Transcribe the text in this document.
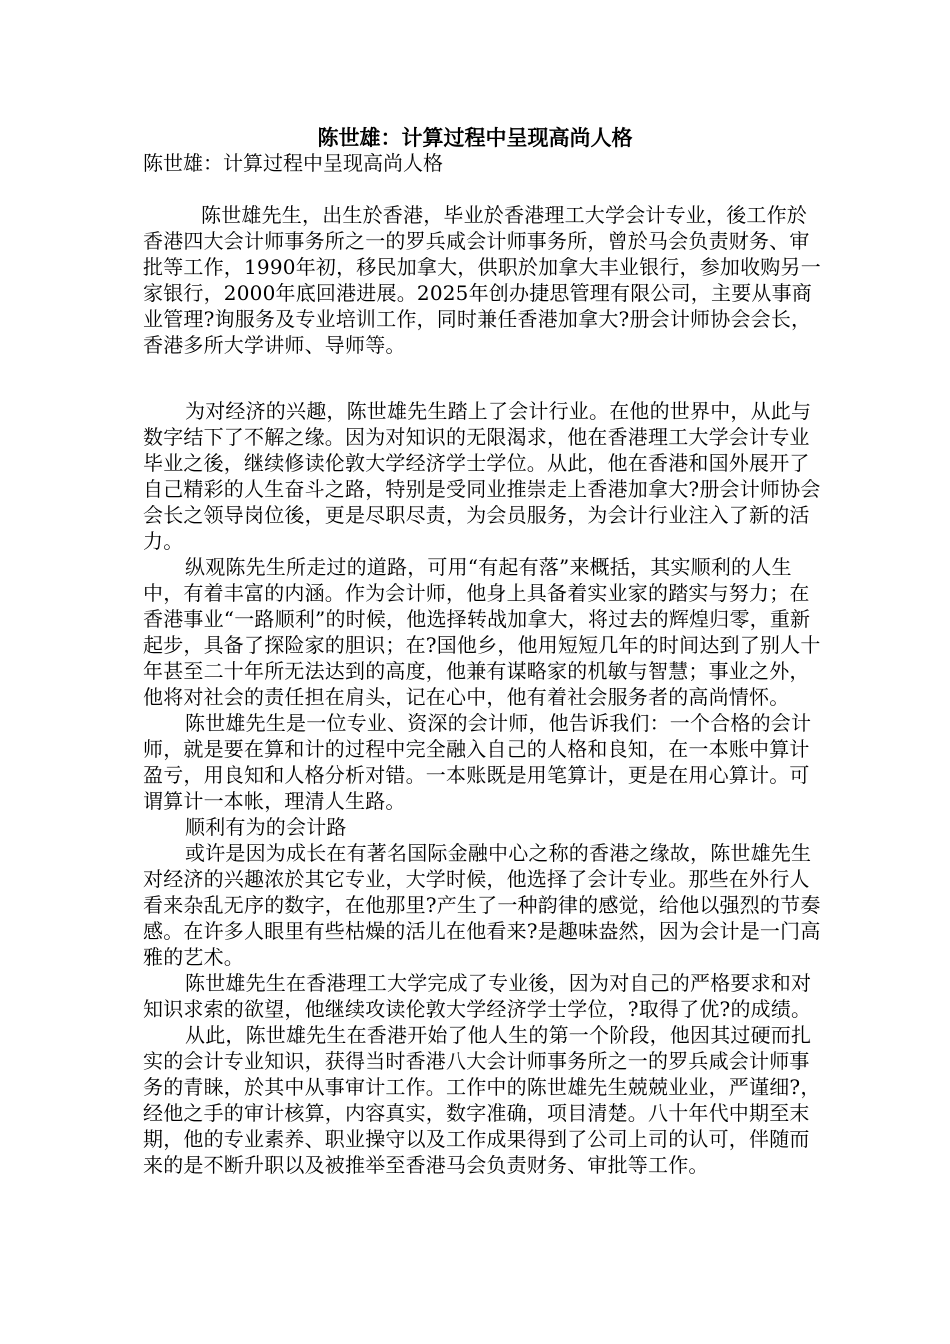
陈世雄：计算过程中呈现高尚人格
陈世雄：计算过程中呈现高尚人格

陈世雄先生，出生於香港，毕业於香港理工大学会计专业，後工作於香港四大会计师事务所之一的罗兵咸会计师事务所，曾於马会负责财务、审批等工作，1990年初，移民加拿大，供职於加拿大丰业银行，参加收购另一家银行，2000年底回港进展。2025年创办捷思管理有限公司，主要从事商业管理?询服务及专业培训工作，同时兼任香港加拿大?册会计师协会会长，香港多所大学讲师、导师等。

为对经济的兴趣，陈世雄先生踏上了会计行业。在他的世界中，从此与数字结下了不解之缘。因为对知识的无限渴求，他在香港理工大学会计专业毕业之後，继续修读伦敦大学经济学士学位。从此，他在香港和国外展开了自己精彩的人生奋斗之路，特别是受同业推崇走上香港加拿大?册会计师协会会长之领导岗位後，更是尽职尽责，为会员服务，为会计行业注入了新的活力。

纵观陈先生所走过的道路，可用“有起有落”来概括，其实顺利的人生中，有着丰富的内涵。作为会计师，他身上具备着实业家的踏实与努力；在香港事业“一路顺利”的时候，他选择转战加拿大，将过去的辉煌归零，重新起步，具备了探险家的胆识；在?国他乡，他用短短几年的时间达到了别人十年甚至二十年所无法达到的高度，他兼有谋略家的机敏与智慧；事业之外，他将对社会的责任担在肩头，记在心中，他有着社会服务者的高尚情怀。

陈世雄先生是一位专业、资深的会计师，他告诉我们：一个合格的会计师，就是要在算和计的过程中完全融入自己的人格和良知，在一本账中算计盈亏，用良知和人格分析对错。一本账既是用笔算计，更是在用心算计。可谓算计一本帐，理清人生路。

顺利有为的会计路

或许是因为成长在有著名国际金融中心之称的香港之缘故，陈世雄先生对经济的兴趣浓於其它专业，大学时候，他选择了会计专业。那些在外行人看来杂乱无序的数字，在他那里?产生了一种韵律的感觉，给他以强烈的节奏感。在许多人眼里有些枯燥的活儿在他看来?是趣味盎然，因为会计是一门高雅的艺术。

陈世雄先生在香港理工大学完成了专业後，因为对自己的严格要求和对知识求索的欲望，他继续攻读伦敦大学经济学士学位，?取得了优?的成绩。

从此，陈世雄先生在香港开始了他人生的第一个阶段，他因其过硬而扎实的会计专业知识，获得当时香港八大会计师事务所之一的罗兵咸会计师事务的青睐，於其中从事审计工作。工作中的陈世雄先生兢兢业业，严谨细?，经他之手的审计核算，内容真实，数字准确，项目清楚。八十年代中期至末期，他的专业素养、职业操守以及工作成果得到了公司上司的认可，伴随而来的是不断升职以及被推举至香港马会负责财务、审批等工作。
